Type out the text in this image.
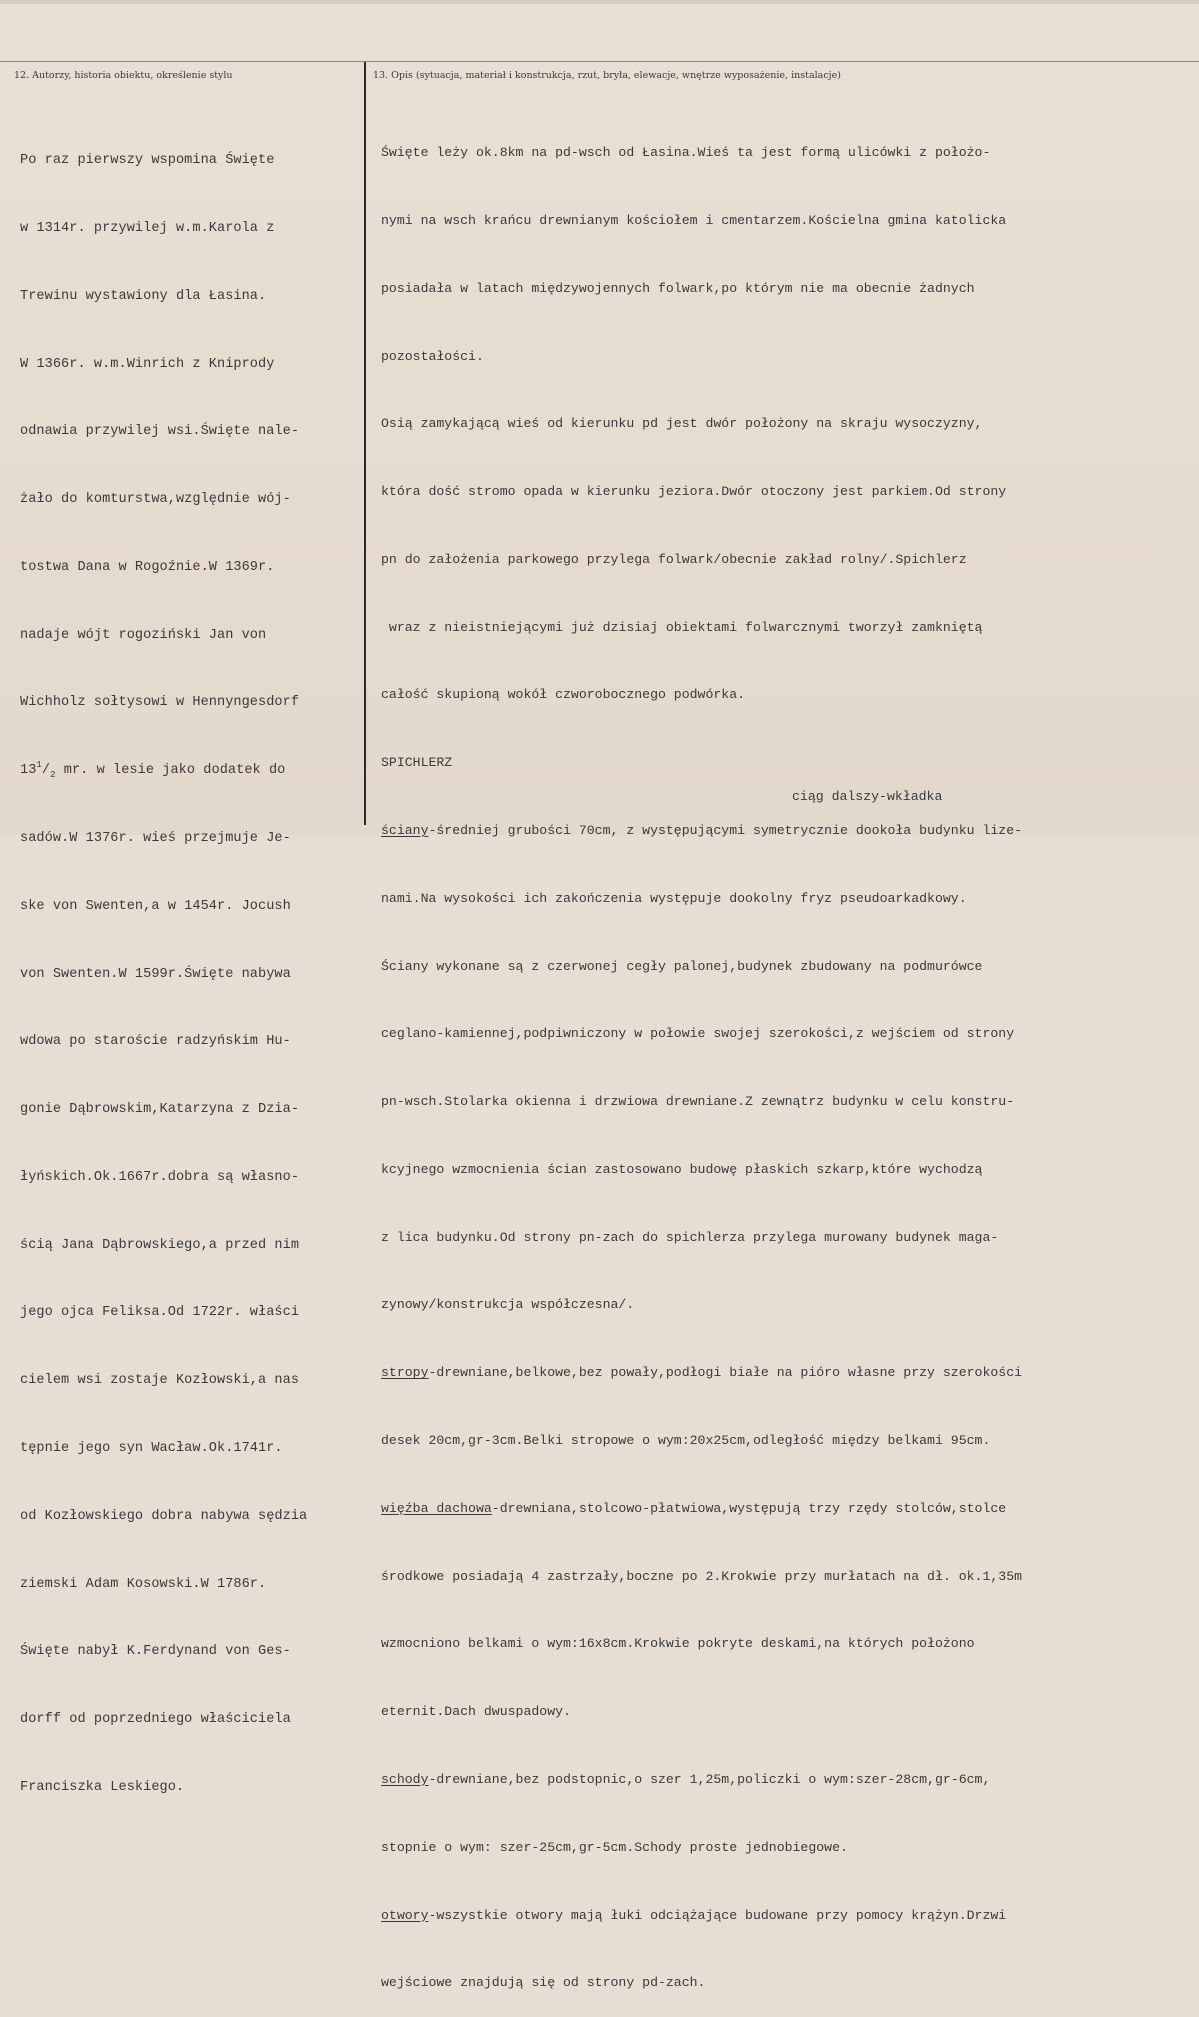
12. Autorzy, historia obiektu, określenie stylu	13. Opis (sytuacja, materiał i konstrukcja, rzut, bryła, elewacje, wnętrze wyposażenie, instalacje)

Po raz pierwszy wspomina Święte

w 1314r. przywilej w.m.Karola z

Trewinu wystawiony dla Łasina.

W 1366r. w.m.Winrich z Kniprody

odnawia przywilej wsi.Święte nale-

żało do komturstwa,względnie wój-

tostwa Dana w Rogoźnie.W 1369r.

nadaje wójt rogoziński Jan von

Wichholz sołtysowi w Hennyngesdorf

$13^1/_2$ mr. w lesie jako dodatek do

sadów.W 1376r. wieś przejmuje Je-

ske von Swenten,a w 1454r. Jocush

von Swenten.W 1599r.Święte nabywa

wdowa po staroście radzyńskim Hu-

gonie Dąbrowskim,Katarzyna z Dzia-

łyńskich.Ok.1667r.dobra są własno-

ścią Jana Dąbrowskiego,a przed nim

jego ojca Feliksa.Od 1722r. właści

cielem wsi zostaje Kozłowski,a nas

tępnie jego syn Wacław.Ok.1741r.

od Kozłowskiego dobra nabywa sędzia

ziemski Adam Kosowski.W 1786r.

Święte nabył K.Ferdynand von Ges-

dorff od poprzedniego właściciela

Franciszka Leskiego.

Święte leży ok.8km na pd-wsch od Łasina.Wieś ta jest formą ulicówki z położo-

nymi na wsch krańcu drewnianym kościołem i cmentarzem.Kościelna gmina katolicka

posiadała w latach międzywojennych folwark,po którym nie ma obecnie żadnych

pozostałości.

Osią zamykającą wieś od kierunku pd jest dwór położony na skraju wysoczyzny,

która dość stromo opada w kierunku jeziora.Dwór otoczony jest parkiem.Od strony

pn do założenia parkowego przylega folwark/obecnie zakład rolny/.Spichlerz

wraz z nieistniejącymi już dzisiaj obiektami folwarcznymi tworzył zamkniętą

całość skupioną wokół czworobocznego podwórka.

SPICHLERZ

ściany-średniej grubości 70cm, z występującymi symetrycznie dookoła budynku lize-

nami.Na wysokości ich zakończenia występuje dookolny fryz pseudoarkadkowy.

Ściany wykonane są z czerwonej cegły palonej,budynek zbudowany na podmurówce

ceglano-kamiennej,podpiwniczony w połowie swojej szerokości,z wejściem od strony

pn-wsch.Stolarka okienna i drzwiowa drewniane.Z zewnątrz budynku w celu konstru-

kcyjnego wzmocnienia ścian zastosowano budowę płaskich szkarp,które wychodzą

z lica budynku.Od strony pn-zach do spichlerza przylega murowany budynek maga-

zynowy/konstrukcja współczesna/.

stropy-drewniane,belkowe,bez powały,podłogi białe na pióro własne przy szerokości

desek 20cm,gr-3cm.Belki stropowe o wym:20x25cm,odległość między belkami 95cm.

więźba dachowa-drewniana,stolcowo-płatwiowa,występują trzy rzędy stolców,stolce

środkowe posiadają 4 zastrzały,boczne po 2.Krokwie przy murłatach na dł. ok.1,35m

wzmocniono belkami o wym:16x8cm.Krokwie pokryte deskami,na których położono

eternit.Dach dwuspadowy.

schody-drewniane,bez podstopnic,o szer 1,25m,policzki o wym:szer-28cm,gr-6cm,

stopnie o wym: szer-25cm,gr-5cm.Schody proste jednobiegowe.

otwory-wszystkie otwory mają łuki odciążające budowane przy pomocy krążyn.Drzwi

wejściowe znajdują się od strony pd-zach.

ciąg dalszy-wkładka
